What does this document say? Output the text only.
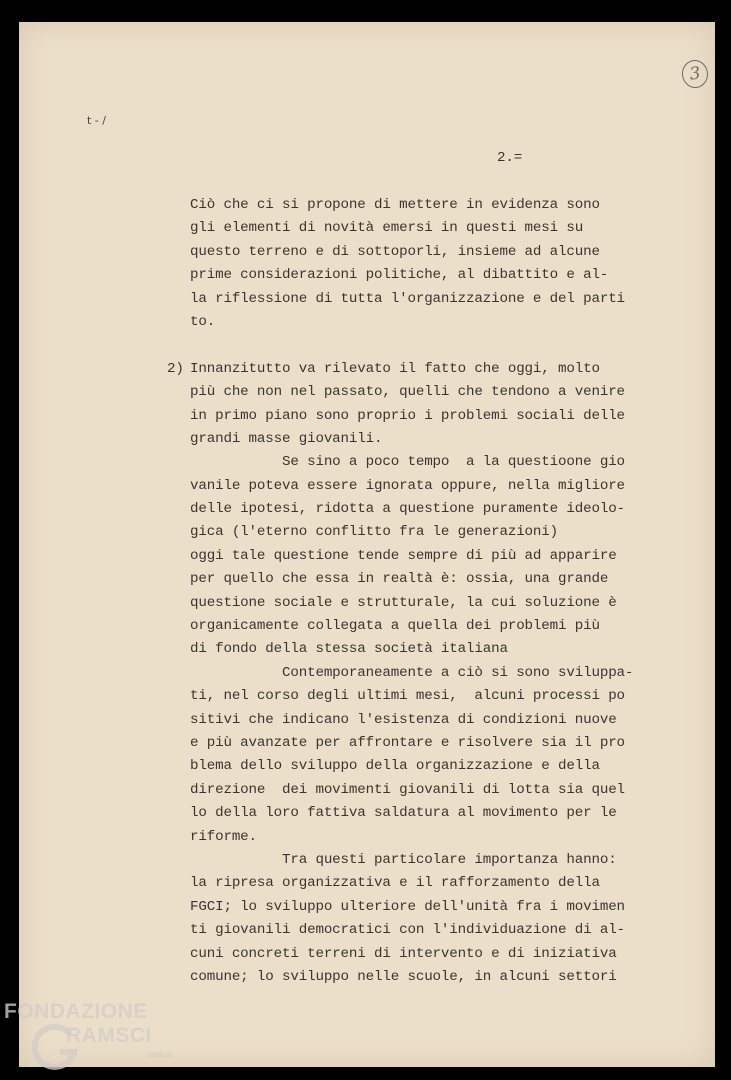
3
t - /
2.=
Ciò che ci si propone di mettere in evidenza sono
gli elementi di novità emersi in questi mesi su
questo terreno e di sottoporli, insieme ad alcune
prime considerazioni politiche, al dibattito e al-
la riflessione di tutta l'organizzazione e del parti
to.
2) Innanzitutto va rilevato il fatto che oggi, molto
più che non nel passato, quelli che tendono a venire
in primo piano sono proprio i problemi sociali delle
grandi masse giovanili.
Se sino a poco tempo  a la questioone gio
vanile poteva essere ignorata oppure, nella migliore
delle ipotesi, ridotta a questione puramente ideolo-
gica (l'eterno conflitto fra le generazioni)
oggi tale questione tende sempre di più ad apparire
per quello che essa in realtà è: ossia, una grande
questione sociale e strutturale, la cui soluzione è
organicamente collegata a quella dei problemi più
di fondo della stessa società italiana
Contemporaneamente a ciò si sono sviluppa-
ti, nel corso degli ultimi mesi,  alcuni processi po
sitivi che indicano l'esistenza di condizioni nuove
e più avanzate per affrontare e risolvere sia il pro
blema dello sviluppo della organizzazione e della
direzione  dei movimenti giovanili di lotta sia quel
lo della loro fattiva saldatura al movimento per le
riforme.
Tra questi particolare importanza hanno:
la ripresa organizzativa e il rafforzamento della
FGCI; lo sviluppo ulteriore dell'unità fra i movimen
ti giovanili democratici con l'individuazione di al-
cuni concreti terreni di intervento e di iniziativa
comune; lo sviluppo nelle scuole, in alcuni settori
FONDAZIONE
RAMSCI
onlus
